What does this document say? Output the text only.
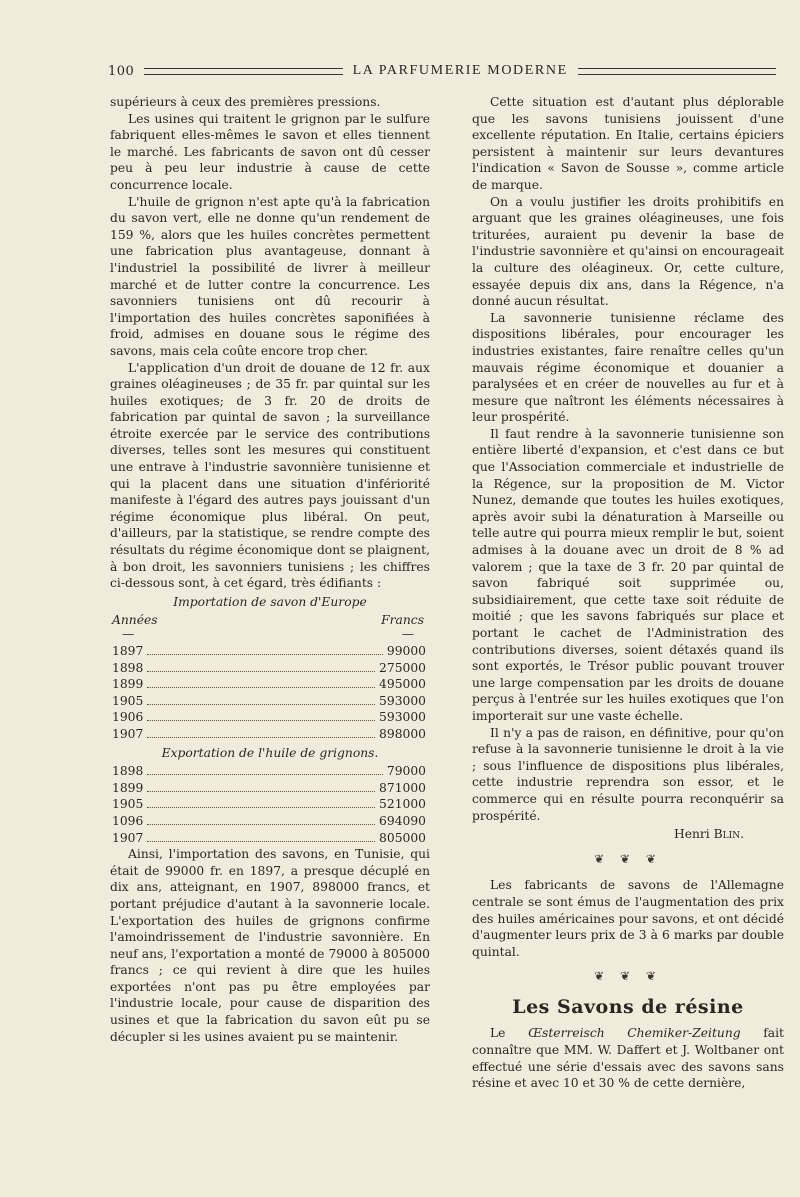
100	LA PARFUMERIE MODERNE

supérieurs à ceux des premières pressions.

Les usines qui traitent le grignon par le sulfure fabriquent elles-mêmes le savon et elles tiennent le marché. Les fabricants de savon ont dû cesser peu à peu leur industrie à cause de cette concurrence locale.

L'huile de grignon n'est apte qu'à la fabrication du savon vert, elle ne donne qu'un rendement de 159 %, alors que les huiles concrètes permettent une fabrication plus avantageuse, donnant à l'industriel la possibilité de livrer à meilleur marché et de lutter contre la concurrence. Les savonniers tunisiens ont dû recourir à l'importation des huiles concrètes saponifiées à froid, admises en douane sous le régime des savons, mais cela coûte encore trop cher.

L'application d'un droit de douane de 12 fr. aux graines oléagineuses ; de 35 fr. par quintal sur les huiles exotiques; de 3 fr. 20 de droits de fabrication par quintal de savon ; la surveillance étroite exercée par le service des contributions diverses, telles sont les mesures qui constituent une entrave à l'industrie savonnière tunisienne et qui la placent dans une situation d'infériorité manifeste à l'égard des autres pays jouissant d'un régime économique plus libéral. On peut, d'ailleurs, par la statistique, se rendre compte des résultats du régime économique dont se plaignent, à bon droit, les savonniers tunisiens ; les chiffres ci-dessous sont, à cet égard, très édifiants :

Importation de savon d'Europe
Années	Francs
—	—
1897	99000
1898	275000
1899	495000
1905	593000
1906	593000
1907	898000
Exportation de l'huile de grignons.
1898	79000
1899	871000
1905	521000
1096	694090
1907	805000

Ainsi, l'importation des savons, en Tunisie, qui était de 99000 fr. en 1897, a presque décuplé en dix ans, atteignant, en 1907, 898000 francs, et portant préjudice d'autant à la savonnerie locale. L'exportation des huiles de grignons confirme l'amoindrissement de l'industrie savonnière. En neuf ans, l'exportation a monté de 79000 à 805000 francs ; ce qui revient à dire que les huiles exportées n'ont pas pu être employées par l'industrie locale, pour cause de disparition des usines et que la fabrication du savon eût pu se décupler si les usines avaient pu se maintenir.

Cette situation est d'autant plus déplorable que les savons tunisiens jouissent d'une excellente réputation. En Italie, certains épiciers persistent à maintenir sur leurs devantures l'indication « Savon de Sousse », comme article de marque.

On a voulu justifier les droits prohibitifs en arguant que les graines oléagineuses, une fois triturées, auraient pu devenir la base de l'industrie savonnière et qu'ainsi on encourageait la culture des oléagineux. Or, cette culture, essayée depuis dix ans, dans la Régence, n'a donné aucun résultat.

La savonnerie tunisienne réclame des dispositions libérales, pour encourager les industries existantes, faire renaître celles qu'un mauvais régime économique et douanier a paralysées et en créer de nouvelles au fur et à mesure que naîtront les éléments nécessaires à leur prospérité.

Il faut rendre à la savonnerie tunisienne son entière liberté d'expansion, et c'est dans ce but que l'Association commerciale et industrielle de la Régence, sur la proposition de M. Victor Nunez, demande que toutes les huiles exotiques, après avoir subi la dénaturation à Marseille ou telle autre qui pourra mieux remplir le but, soient admises à la douane avec un droit de 8 % ad valorem ; que la taxe de 3 fr. 20 par quintal de savon fabriqué soit supprimée ou, subsidiairement, que cette taxe soit réduite de moitié ; que les savons fabriqués sur place et portant le cachet de l'Administration des contributions diverses, soient détaxés quand ils sont exportés, le Trésor public pouvant trouver une large compensation par les droits de douane perçus à l'entrée sur les huiles exotiques que l'on importerait sur une vaste échelle.

Il n'y a pas de raison, en définitive, pour qu'on refuse à la savonnerie tunisienne le droit à la vie ; sous l'influence de dispositions plus libérales, cette industrie reprendra son essor, et le commerce qui en résulte pourra reconquérir sa prospérité.

Henri Blin.
❦ ❦ ❦

Les fabricants de savons de l'Allemagne centrale se sont émus de l'augmentation des prix des huiles américaines pour savons, et ont décidé d'augmenter leurs prix de 3 à 6 marks par double quintal.

❦ ❦ ❦
Les Savons de résine

Le Œsterreisch Chemiker-Zeitung fait connaître que MM. W. Daffert et J. Woltbaner ont effectué une série d'essais avec des savons sans résine et avec 10 et 30 % de cette dernière,
